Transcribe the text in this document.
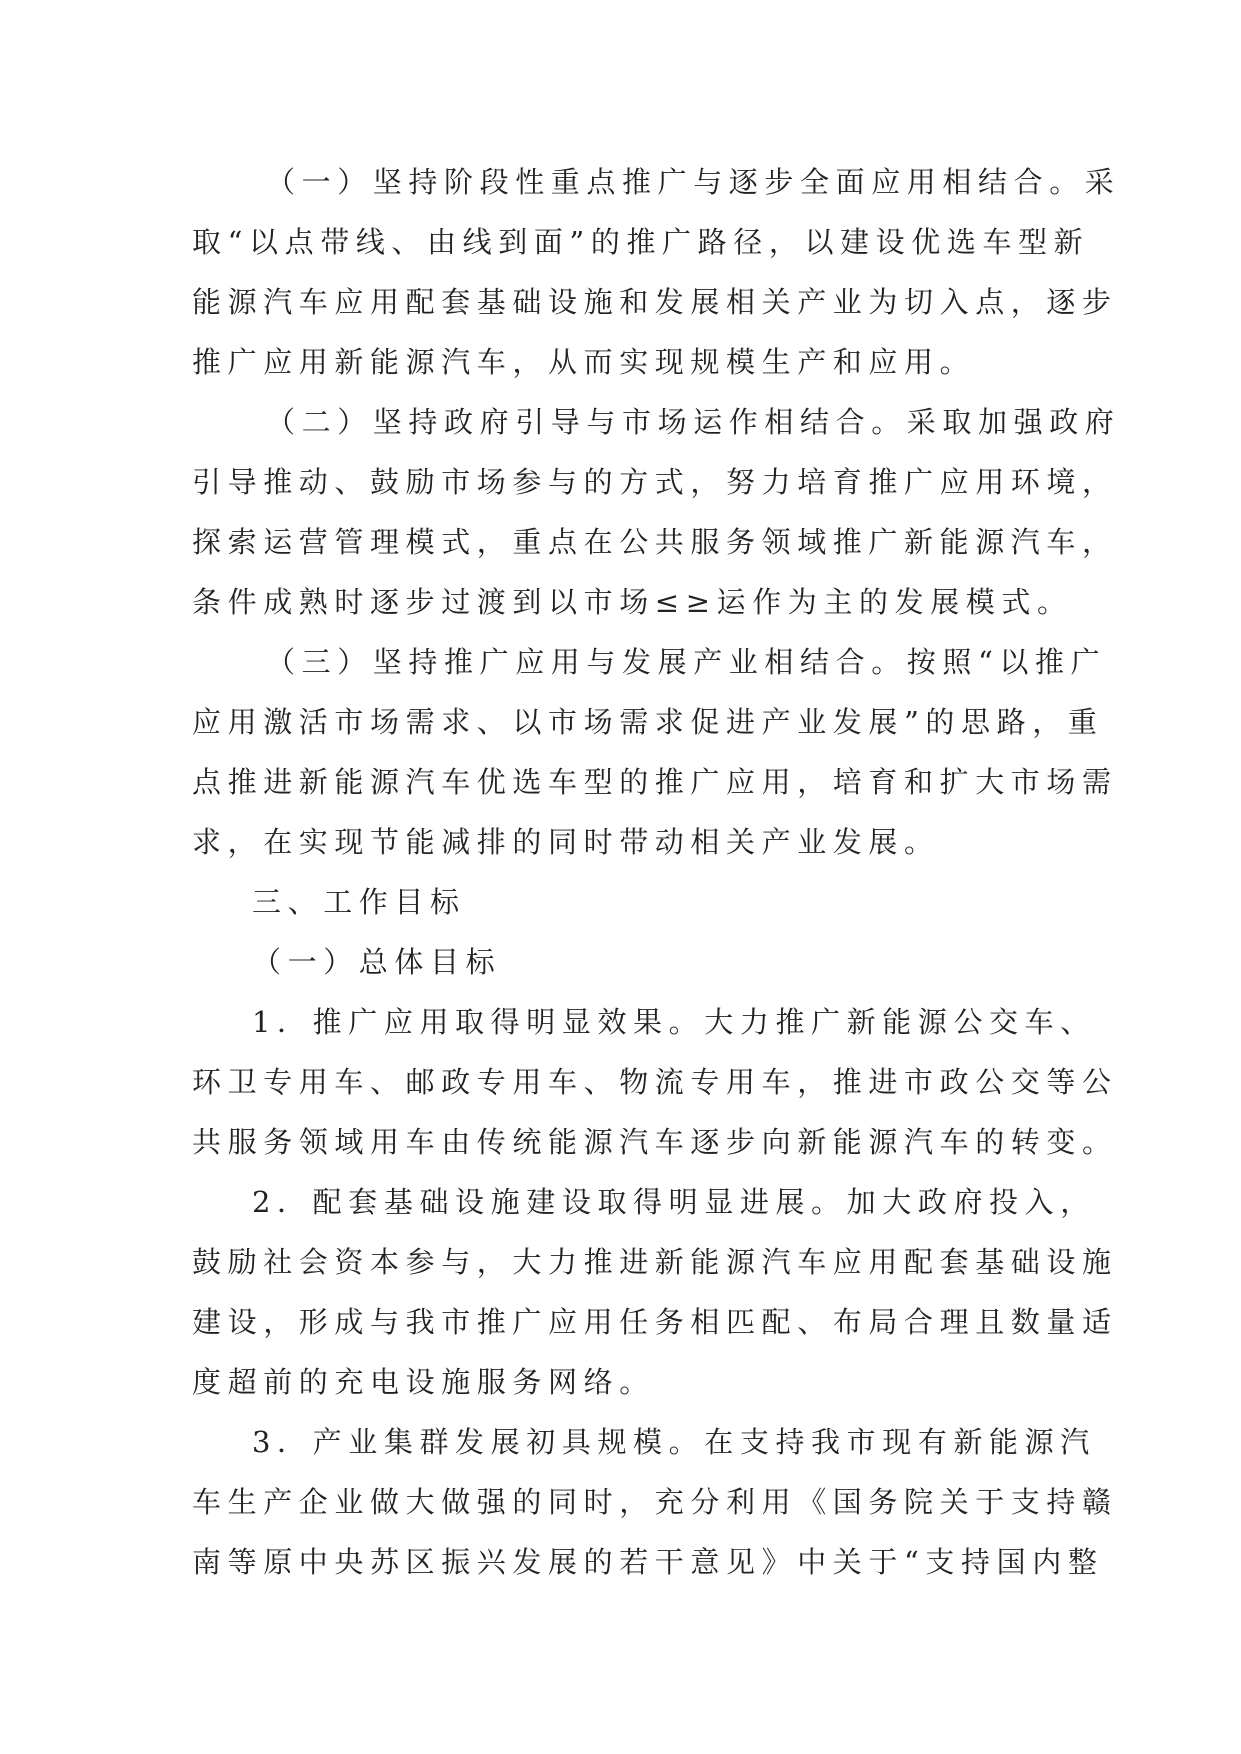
（一）坚持阶段性重点推广与逐步全面应用相结合。采
取“以点带线、由线到面”的推广路径，以建设优选车型新
能源汽车应用配套基础设施和发展相关产业为切入点，逐步
推广应用新能源汽车，从而实现规模生产和应用。
（二）坚持政府引导与市场运作相结合。采取加强政府
引导推动、鼓励市场参与的方式，努力培育推广应用环境，
探索运营管理模式，重点在公共服务领域推广新能源汽车，
条件成熟时逐步过渡到以市场≤≥运作为主的发展模式。
（三）坚持推广应用与发展产业相结合。按照“以推广
应用激活市场需求、以市场需求促进产业发展”的思路，重
点推进新能源汽车优选车型的推广应用，培育和扩大市场需
求，在实现节能减排的同时带动相关产业发展。
三、工作目标
（一）总体目标
1．推广应用取得明显效果。大力推广新能源公交车、
环卫专用车、邮政专用车、物流专用车，推进市政公交等公
共服务领域用车由传统能源汽车逐步向新能源汽车的转变。
2．配套基础设施建设取得明显进展。加大政府投入，
鼓励社会资本参与，大力推进新能源汽车应用配套基础设施
建设，形成与我市推广应用任务相匹配、布局合理且数量适
度超前的充电设施服务网络。
3．产业集群发展初具规模。在支持我市现有新能源汽
车生产企业做大做强的同时，充分利用《国务院关于支持赣
南等原中央苏区振兴发展的若干意见》中关于“支持国内整
